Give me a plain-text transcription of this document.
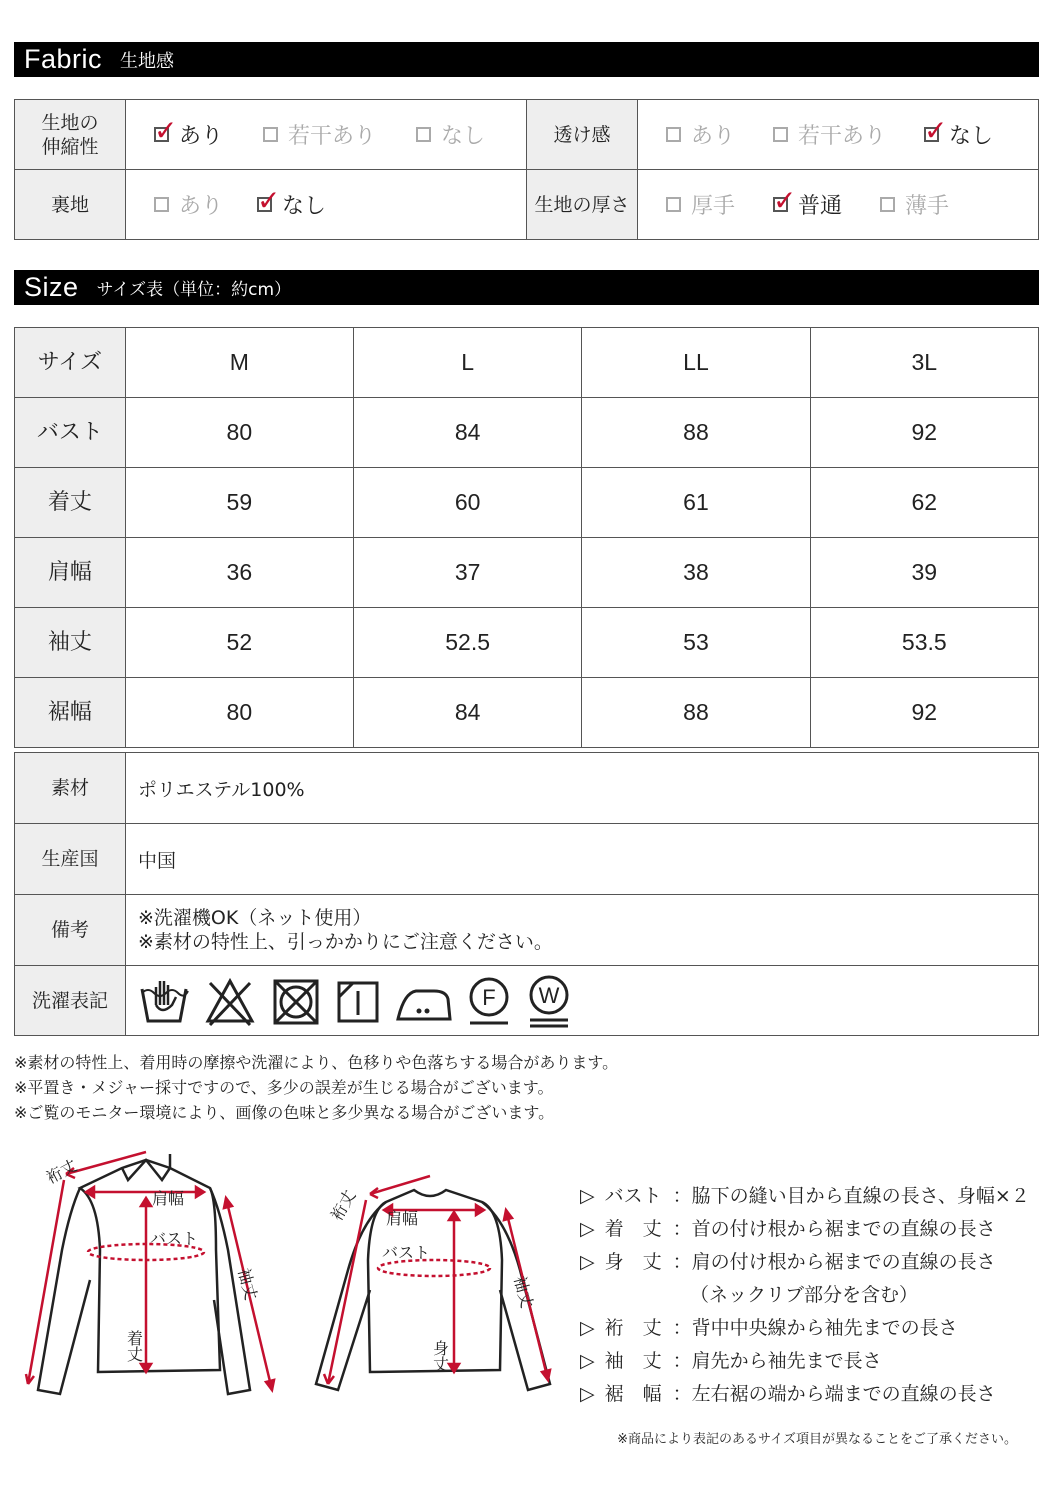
Fabric 生地感
生地の
伸縮性	✓ あり 若干あり なし	透け感	あり 若干あり ✓ なし

裏地	あり ✓ なし	生地の厚さ	厚手 ✓ 普通 薄手
Size サイズ表（単位：約cm）
サイズ	M	L	LL	3L
バスト	80	84	88	92
着丈	59	60	61	62
肩幅	36	37	38	39
袖丈	52	52.5	53	53.5
裾幅	80	84	88	92
素材	ポリエステル100%
生産国	中国
備考	※洗濯機OK（ネット使用）
※素材の特性上、引っかかりにご注意ください。

洗濯表記	F W
※素材の特性上、着用時の摩擦や洗濯により、色移りや色落ちする場合があります。
※平置き・メジャー採寸ですので、多少の誤差が生じる場合がございます。
※ご覧のモニター環境により、画像の色味と多少異なる場合がございます。
裄丈
肩幅
バスト
着丈
袖丈
裄丈 肩幅
バスト
身丈
袖丈
▷ バスト ：脇下の縫い目から直線の長さ、身幅×２
▷ 着　丈 ：首の付け根から裾までの直線の長さ
▷ 身　丈 ：肩の付け根から裾までの直線の長さ
（ネックリブ部分を含む）
▷ 裄　丈 ：背中中央線から袖先までの長さ
▷ 袖　丈 ：肩先から袖先まで長さ
▷ 裾　幅 ：左右裾の端から端までの直線の長さ
※商品により表記のあるサイズ項目が異なることをご了承ください。
